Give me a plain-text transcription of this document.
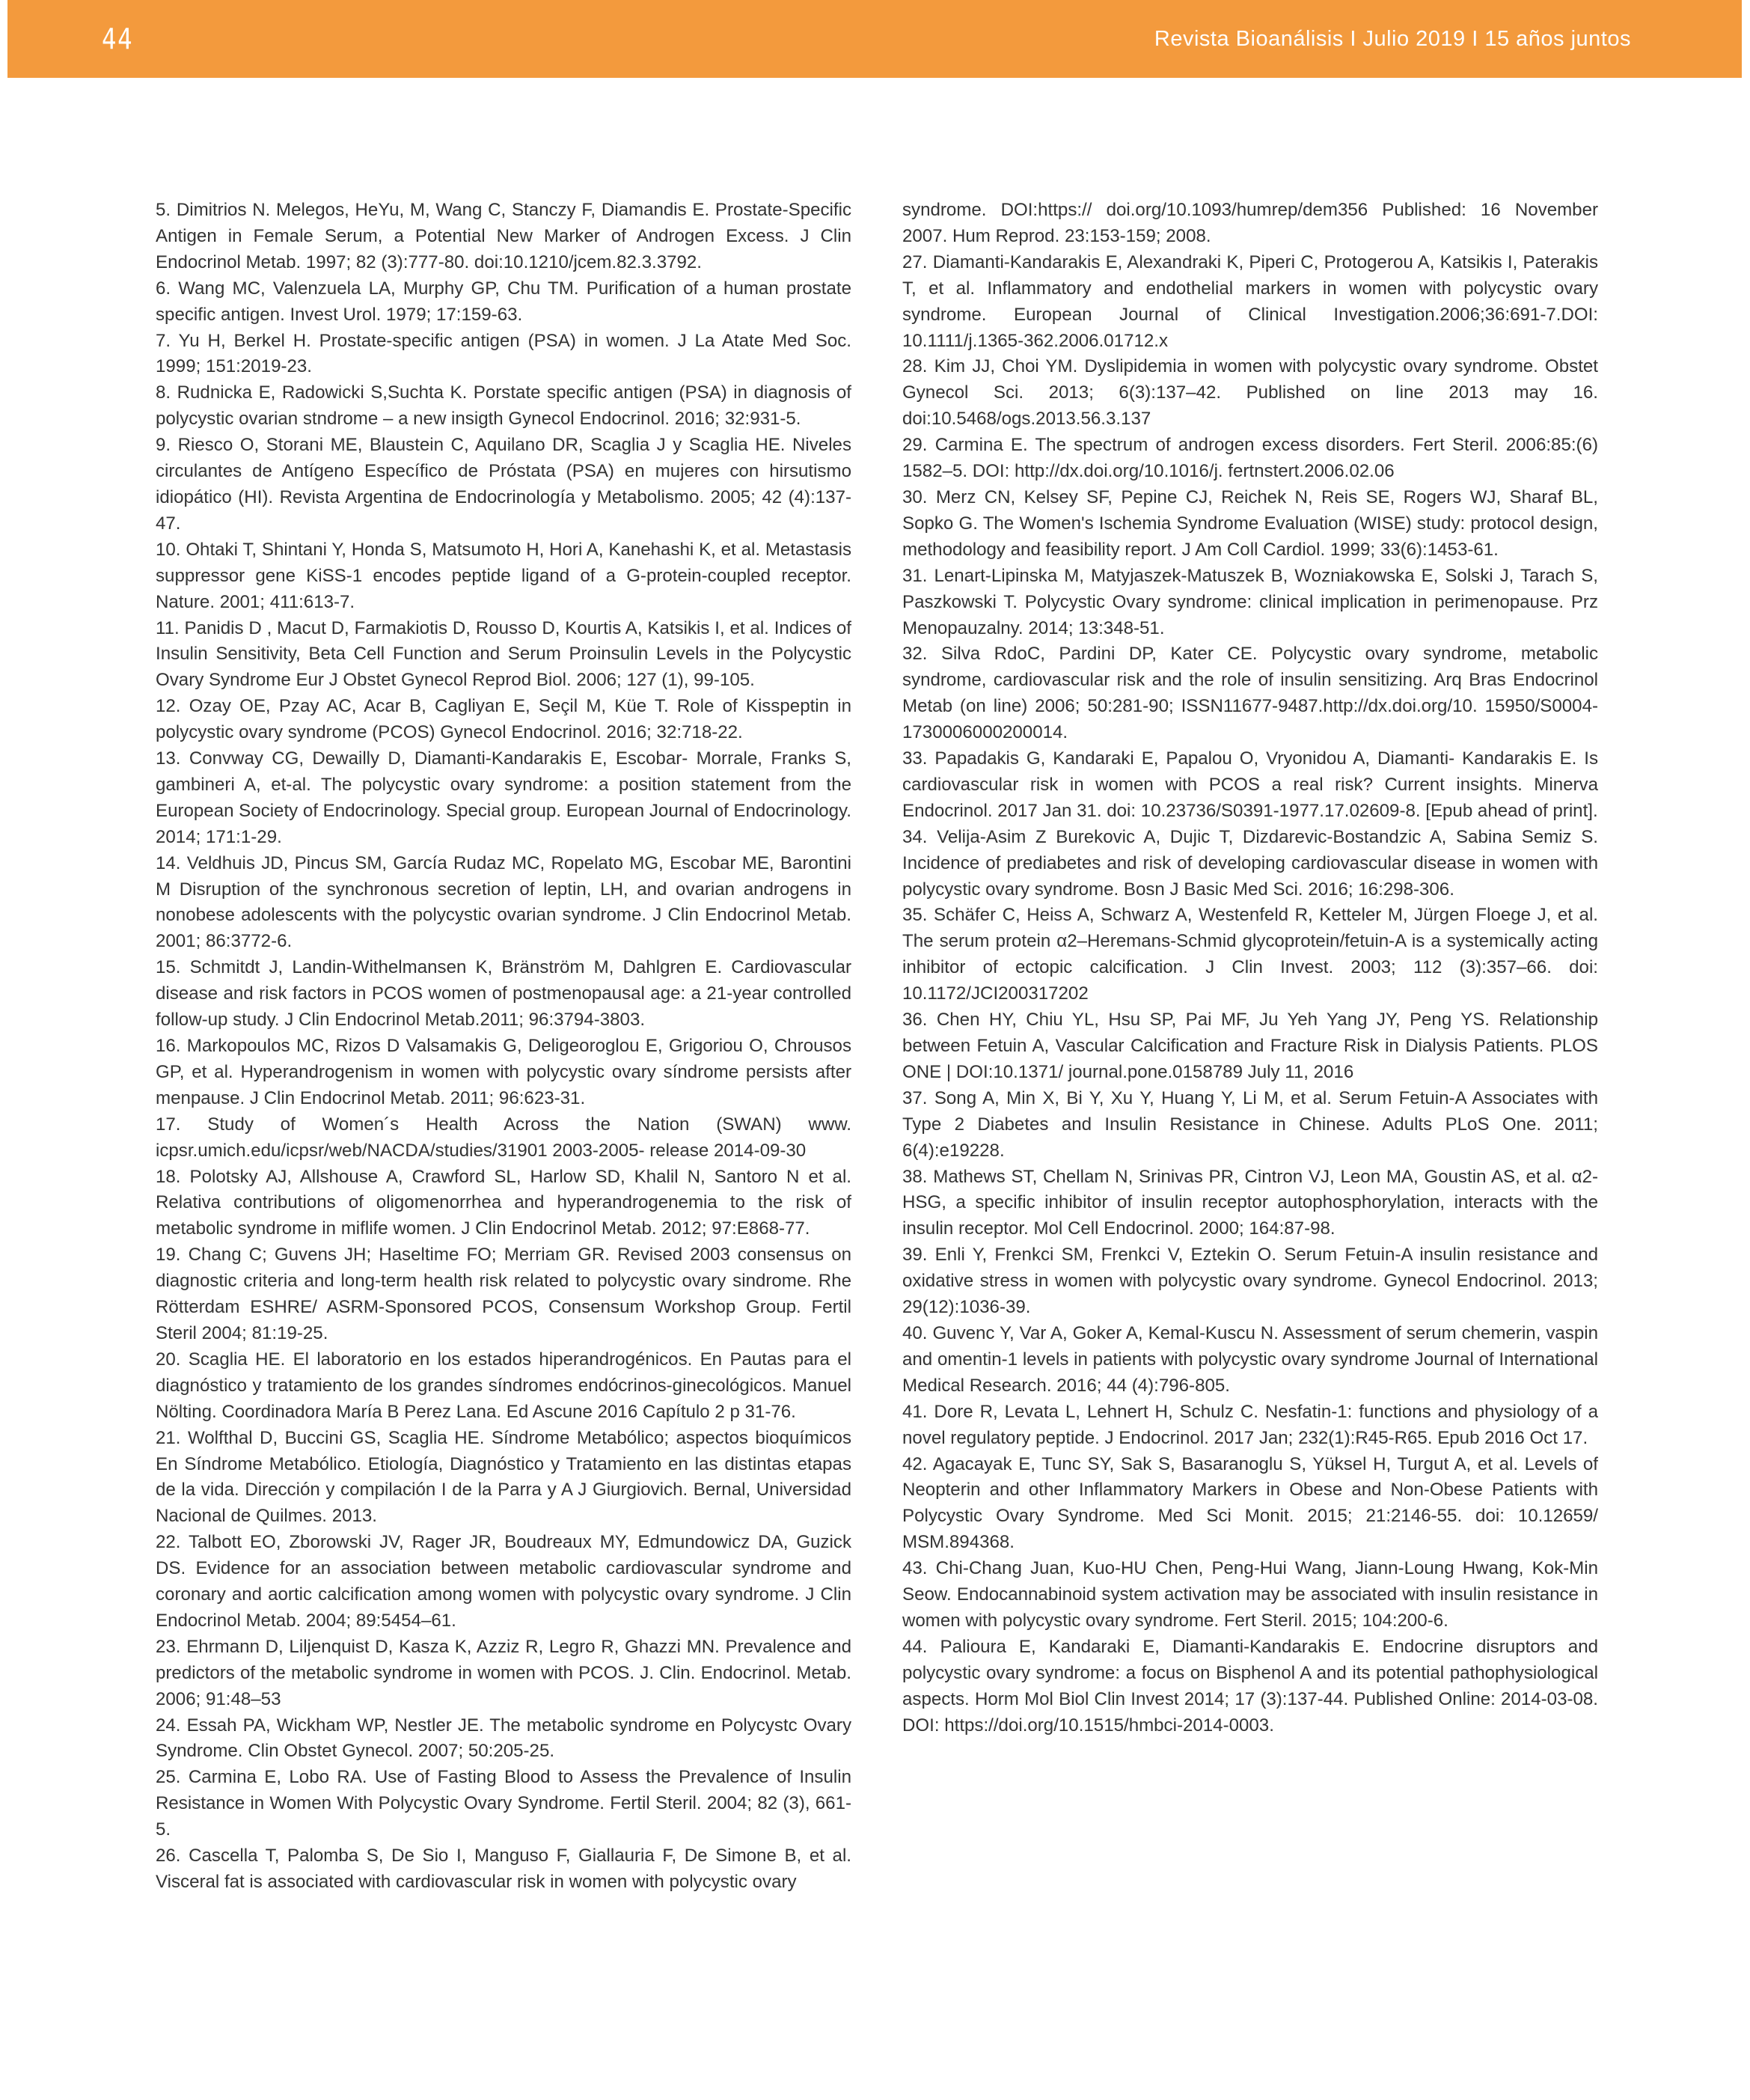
44	Revista Bioanálisis I Julio 2019 I 15 años juntos

5. Dimitrios N. Melegos, HeYu, M, Wang C, Stanczy F, Diamandis E. Prostate-Specific Antigen in Female Serum, a Potential New Marker of Androgen Excess. J Clin Endocrinol Metab. 1997; 82 (3):777-80. doi:10.1210/jcem.82.3.3792.

6. Wang MC, Valenzuela LA, Murphy GP, Chu TM. Purification of a human prostate specific antigen. Invest Urol. 1979; 17:159-63.

7. Yu H, Berkel H. Prostate-specific antigen (PSA) in women. J La Atate Med Soc. 1999; 151:2019-23.

8. Rudnicka E, Radowicki S,Suchta K. Porstate specific antigen (PSA) in diagnosis of polycystic ovarian stndrome – a new insigth Gynecol Endocrinol. 2016; 32:931-5.

9. Riesco O, Storani ME, Blaustein C, Aquilano DR, Scaglia J y Scaglia HE. Niveles circulantes de Antígeno Específico de Próstata (PSA) en mujeres con hirsutismo idiopático (HI). Revista Argentina de Endocrinología y Metabolismo. 2005; 42 (4):137-47.

10. Ohtaki T, Shintani Y, Honda S, Matsumoto H, Hori A, Kanehashi K, et al. Metastasis suppressor gene KiSS-1 encodes peptide ligand of a G-protein-coupled receptor. Nature. 2001; 411:613-7.

11. Panidis D , Macut D, Farmakiotis D, Rousso D, Kourtis A, Katsikis I, et al. Indices of Insulin Sensitivity, Beta Cell Function and Serum Proinsulin Levels in the Polycystic Ovary Syndrome Eur J Obstet Gynecol Reprod Biol. 2006; 127 (1), 99-105.

12. Ozay OE, Pzay AC, Acar B, Cagliyan E, Seçil M, Küe T. Role of Kisspeptin in polycystic ovary syndrome (PCOS) Gynecol Endocrinol. 2016; 32:718-22.

13. Convway CG, Dewailly D, Diamanti-Kandarakis E, Escobar- Morrale, Franks S, gambineri A, et-al. The polycystic ovary syndrome: a position statement from the European Society of Endocrinology. Special group. European Journal of Endocrinology. 2014; 171:1-29.

14. Veldhuis JD, Pincus SM, García Rudaz MC, Ropelato MG, Escobar ME, Barontini M Disruption of the synchronous secretion of leptin, LH, and ovarian androgens in nonobese adolescents with the polycystic ovarian syndrome. J Clin Endocrinol Metab. 2001; 86:3772-6.

15. Schmitdt J, Landin-Withelmansen K, Bränström M, Dahlgren E. Cardiovascular disease and risk factors in PCOS women of postmenopausal age: a 21-year controlled follow-up study. J Clin Endocrinol Metab.2011; 96:3794-3803.

16. Markopoulos MC, Rizos D Valsamakis G, Deligeoroglou E, Grigoriou O, Chrousos GP, et al. Hyperandrogenism in women with polycystic ovary síndrome persists after menpause. J Clin Endocrinol Metab. 2011; 96:623-31.

17. Study of Women´s Health Across the Nation (SWAN) www. icpsr.umich.edu/icpsr/web/NACDA/studies/31901 2003-2005- release 2014-09-30

18. Polotsky AJ, Allshouse A, Crawford SL, Harlow SD, Khalil N, Santoro N et al. Relativa contributions of oligomenorrhea and hyperandrogenemia to the risk of metabolic syndrome in miflife women. J Clin Endocrinol Metab. 2012; 97:E868-77.

19. Chang C; Guvens JH; Haseltime FO; Merriam GR. Revised 2003 consensus on diagnostic criteria and long-term health risk related to polycystic ovary sindrome. Rhe Rötterdam ESHRE/ ASRM-Sponsored PCOS, Consensum Workshop Group. Fertil Steril 2004; 81:19-25.

20. Scaglia HE. El laboratorio en los estados hiperandrogénicos. En Pautas para el diagnóstico y tratamiento de los grandes síndromes endócrinos-ginecológicos. Manuel Nölting. Coordinadora María B Perez Lana. Ed Ascune 2016 Capítulo 2 p 31-76.

21. Wolfthal D, Buccini GS, Scaglia HE. Síndrome Metabólico; aspectos bioquímicos En Síndrome Metabólico. Etiología, Diagnóstico y Tratamiento en las distintas etapas de la vida. Dirección y compilación I de la Parra y A J Giurgiovich. Bernal, Universidad Nacional de Quilmes. 2013.

22. Talbott EO, Zborowski JV, Rager JR, Boudreaux MY, Edmundowicz DA, Guzick DS. Evidence for an association between metabolic cardiovascular syndrome and coronary and aortic calcification among women with polycystic ovary syndrome. J Clin Endocrinol Metab. 2004; 89:5454–61.

23. Ehrmann D, Liljenquist D, Kasza K, Azziz R, Legro R, Ghazzi MN. Prevalence and predictors of the metabolic syndrome in women with PCOS. J. Clin. Endocrinol. Metab. 2006; 91:48–53

24. Essah PA, Wickham WP, Nestler JE. The metabolic syndrome en Polycystc Ovary Syndrome. Clin Obstet Gynecol. 2007; 50:205-25.

25. Carmina E, Lobo RA. Use of Fasting Blood to Assess the Prevalence of Insulin Resistance in Women With Polycystic Ovary Syndrome. Fertil Steril. 2004; 82 (3), 661-5.

26. Cascella T, Palomba S, De Sio I, Manguso F, Giallauria F, De Simone B, et al. Visceral fat is associated with cardiovascular risk in women with polycystic ovary

syndrome. DOI:https:// doi.org/10.1093/humrep/dem356 Published: 16 November 2007. Hum Reprod. 23:153-159; 2008.

27. Diamanti-Kandarakis E, Alexandraki K, Piperi C, Protogerou A, Katsikis I, Paterakis T, et al. Inflammatory and endothelial markers in women with polycystic ovary syndrome. European Journal of Clinical Investigation.2006;36:691-7.DOI: 10.1111/j.1365-362.2006.01712.x

28. Kim JJ, Choi YM. Dyslipidemia in women with polycystic ovary syndrome. Obstet Gynecol Sci. 2013; 6(3):137–42. Published on line 2013 may 16. doi:10.5468/ogs.2013.56.3.137

29. Carmina E. The spectrum of androgen excess disorders. Fert Steril. 2006:85:(6) 1582–5. DOI: http://dx.doi.org/10.1016/j. fertnstert.2006.02.06

30. Merz CN, Kelsey SF, Pepine CJ, Reichek N, Reis SE, Rogers WJ, Sharaf BL, Sopko G. The Women's Ischemia Syndrome Evaluation (WISE) study: protocol design, methodology and feasibility report. J Am Coll Cardiol. 1999; 33(6):1453-61.

31. Lenart-Lipinska M, Matyjaszek-Matuszek B, Wozniakowska E, Solski J, Tarach S, Paszkowski T. Polycystic Ovary syndrome: clinical implication in perimenopause. Prz Menopauzalny. 2014; 13:348-51.

32. Silva RdoC, Pardini DP, Kater CE. Polycystic ovary syndrome, metabolic syndrome, cardiovascular risk and the role of insulin sensitizing. Arq Bras Endocrinol Metab (on line) 2006; 50:281-90; ISSN11677-9487.http://dx.doi.org/10. 15950/S0004- 1730006000200014.

33. Papadakis G, Kandaraki E, Papalou O, Vryonidou A, Diamanti- Kandarakis E. Is cardiovascular risk in women with PCOS a real risk? Current insights. Minerva Endocrinol. 2017 Jan 31. doi: 10.23736/S0391-1977.17.02609-8. [Epub ahead of print].

34. Velija-Asim Z Burekovic A, Dujic T, Dizdarevic-Bostandzic A, Sabina Semiz S. Incidence of prediabetes and risk of developing cardiovascular disease in women with polycystic ovary syndrome. Bosn J Basic Med Sci. 2016; 16:298-306.

35. Schäfer C, Heiss A, Schwarz A, Westenfeld R, Ketteler M, Jürgen Floege J, et al. The serum protein α2–Heremans-Schmid glycoprotein/fetuin-A is a systemically acting inhibitor of ectopic calcification. J Clin Invest. 2003; 112 (3):357–66. doi: 10.1172/JCI200317202

36. Chen HY, Chiu YL, Hsu SP, Pai MF, Ju Yeh Yang JY, Peng YS. Relationship between Fetuin A, Vascular Calcification and Fracture Risk in Dialysis Patients. PLOS ONE | DOI:10.1371/ journal.pone.0158789 July 11, 2016

37. Song A, Min X, Bi Y, Xu Y, Huang Y, Li M, et al. Serum Fetuin-A Associates with Type 2 Diabetes and Insulin Resistance in Chinese. Adults PLoS One. 2011; 6(4):e19228.

38. Mathews ST, Chellam N, Srinivas PR, Cintron VJ, Leon MA, Goustin AS, et al. α2-HSG, a specific inhibitor of insulin receptor autophosphorylation, interacts with the insulin receptor. Mol Cell Endocrinol. 2000; 164:87-98.

39. Enli Y, Frenkci SM, Frenkci V, Eztekin O. Serum Fetuin-A insulin resistance and oxidative stress in women with polycystic ovary syndrome. Gynecol Endocrinol. 2013; 29(12):1036-39.

40. Guvenc Y, Var A, Goker A, Kemal-Kuscu N. Assessment of serum chemerin, vaspin and omentin-1 levels in patients with polycystic ovary syndrome Journal of International Medical Research. 2016; 44 (4):796-805.

41. Dore R, Levata L, Lehnert H, Schulz C. Nesfatin-1: functions and physiology of a novel regulatory peptide. J Endocrinol. 2017 Jan; 232(1):R45-R65. Epub 2016 Oct 17.

42. Agacayak E, Tunc SY, Sak S, Basaranoglu S, Yüksel H, Turgut A, et al. Levels of Neopterin and other Inflammatory Markers in Obese and Non-Obese Patients with Polycystic Ovary Syndrome. Med Sci Monit. 2015; 21:2146-55. doi: 10.12659/ MSM.894368.

43. Chi-Chang Juan, Kuo-HU Chen, Peng-Hui Wang, Jiann-Loung Hwang, Kok-Min Seow. Endocannabinoid system activation may be associated with insulin resistance in women with polycystic ovary syndrome. Fert Steril. 2015; 104:200-6.

44. Palioura E, Kandaraki E, Diamanti-Kandarakis E. Endocrine disruptors and polycystic ovary syndrome: a focus on Bisphenol A and its potential pathophysiological aspects. Horm Mol Biol Clin Invest 2014; 17 (3):137-44. Published Online: 2014-03-08. DOI: https://doi.org/10.1515/hmbci-2014-0003.
